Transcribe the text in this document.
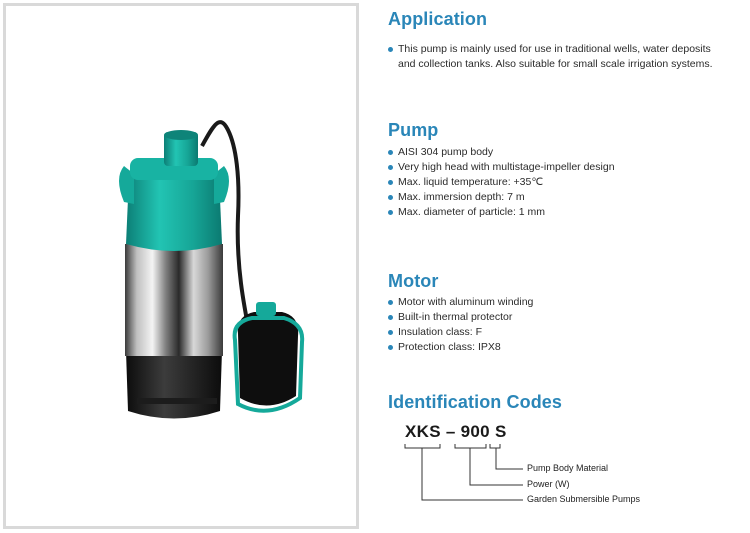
Application
This pump is mainly used for use in traditional wells, water deposits
and collection tanks. Also suitable for small scale irrigation systems.
Pump
AISI 304 pump body
Very high head with multistage-impeller design
Max. liquid temperature: +35℃
Max. immersion depth: 7 m
Max. diameter of particle: 1 mm
Motor
Motor with aluminum winding
Built-in thermal protector
Insulation class: F
Protection class: IPX8
Identification Codes
XKS – 900 S
Pump Body Material
Power (W)
Garden Submersible Pumps
